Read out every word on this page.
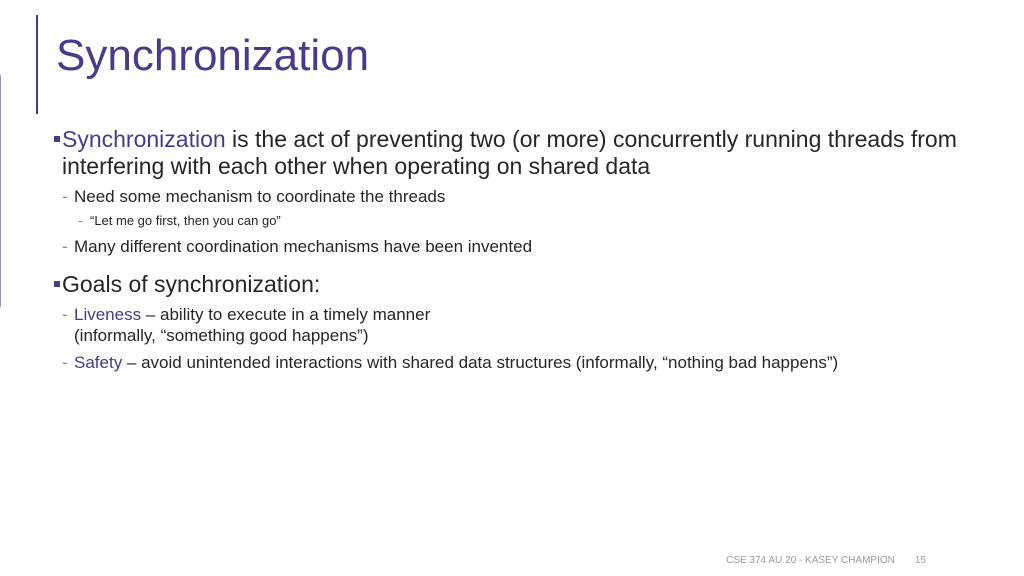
Synchronization
Synchronization is the act of preventing two (or more) concurrently running threads from interfering with each other when operating on shared data
- Need some mechanism to coordinate the threads
- “Let me go first, then you can go”
- Many different coordination mechanisms have been invented
Goals of synchronization:
- Liveness – ability to execute in a timely manner
(informally, “something good happens”)
- Safety – avoid unintended interactions with shared data structures (informally, “nothing bad happens”)
CSE 374 AU 20 - KASEY CHAMPION 15
